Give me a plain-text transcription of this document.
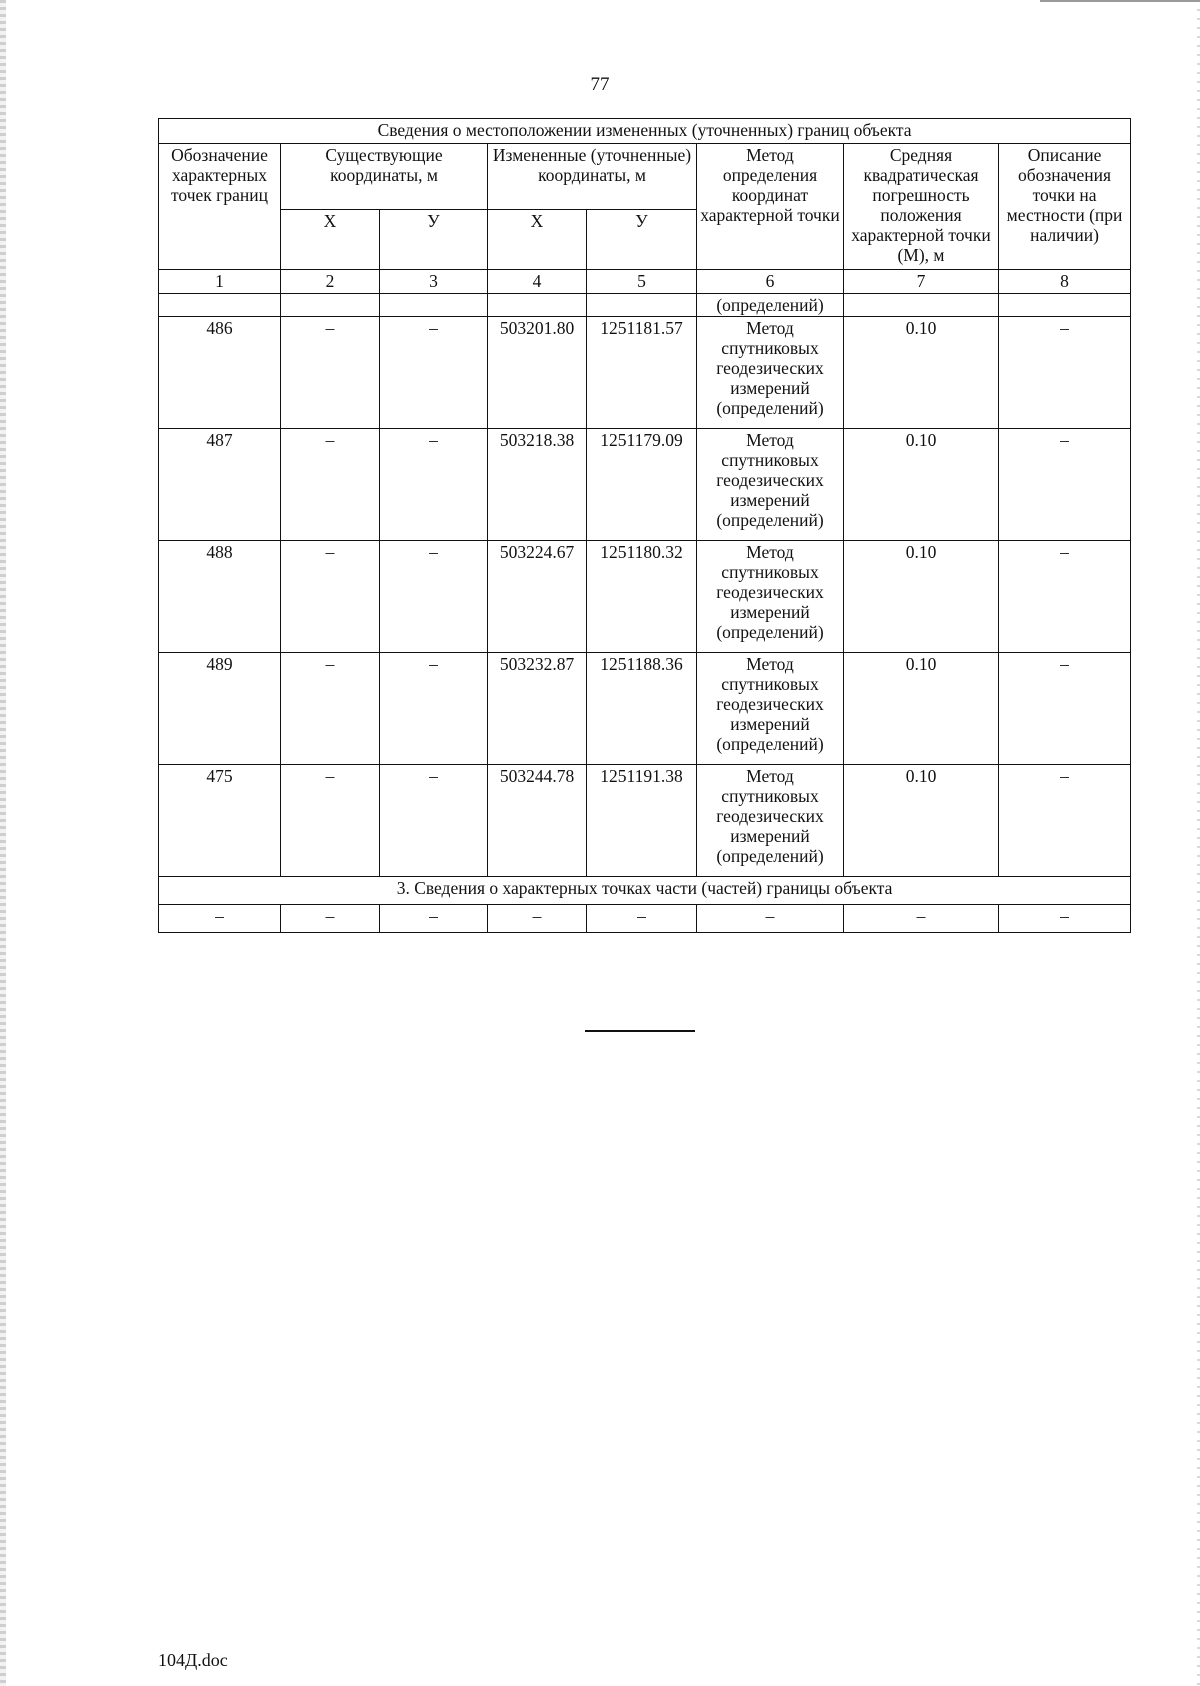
77
Сведения о местоположении измененных (уточненных) границ объекта							
Обозначение характерных точек границ	Существующие координаты, м		Измененные (уточненные) координаты, м		Метод определения координат характерной точки	Средняя квадратическая погрешность положения характерной точки (М), м	Описание обозначения точки на местности (при наличии)
	Х	У	Х	У			
1	2	3	4	5	6	7	8
					(определений)		
486	–	–	503201.80	1251181.57	Метод спутниковых геодезических измерений (определений)	0.10	–
487	–	–	503218.38	1251179.09	Метод спутниковых геодезических измерений (определений)	0.10	–
488	–	–	503224.67	1251180.32	Метод спутниковых геодезических измерений (определений)	0.10	–
489	–	–	503232.87	1251188.36	Метод спутниковых геодезических измерений (определений)	0.10	–
475	–	–	503244.78	1251191.38	Метод спутниковых геодезических измерений (определений)	0.10	–
3. Сведения о характерных точках части (частей) границы объекта							
–	–	–	–	–	–	–	–
104Д.doc
